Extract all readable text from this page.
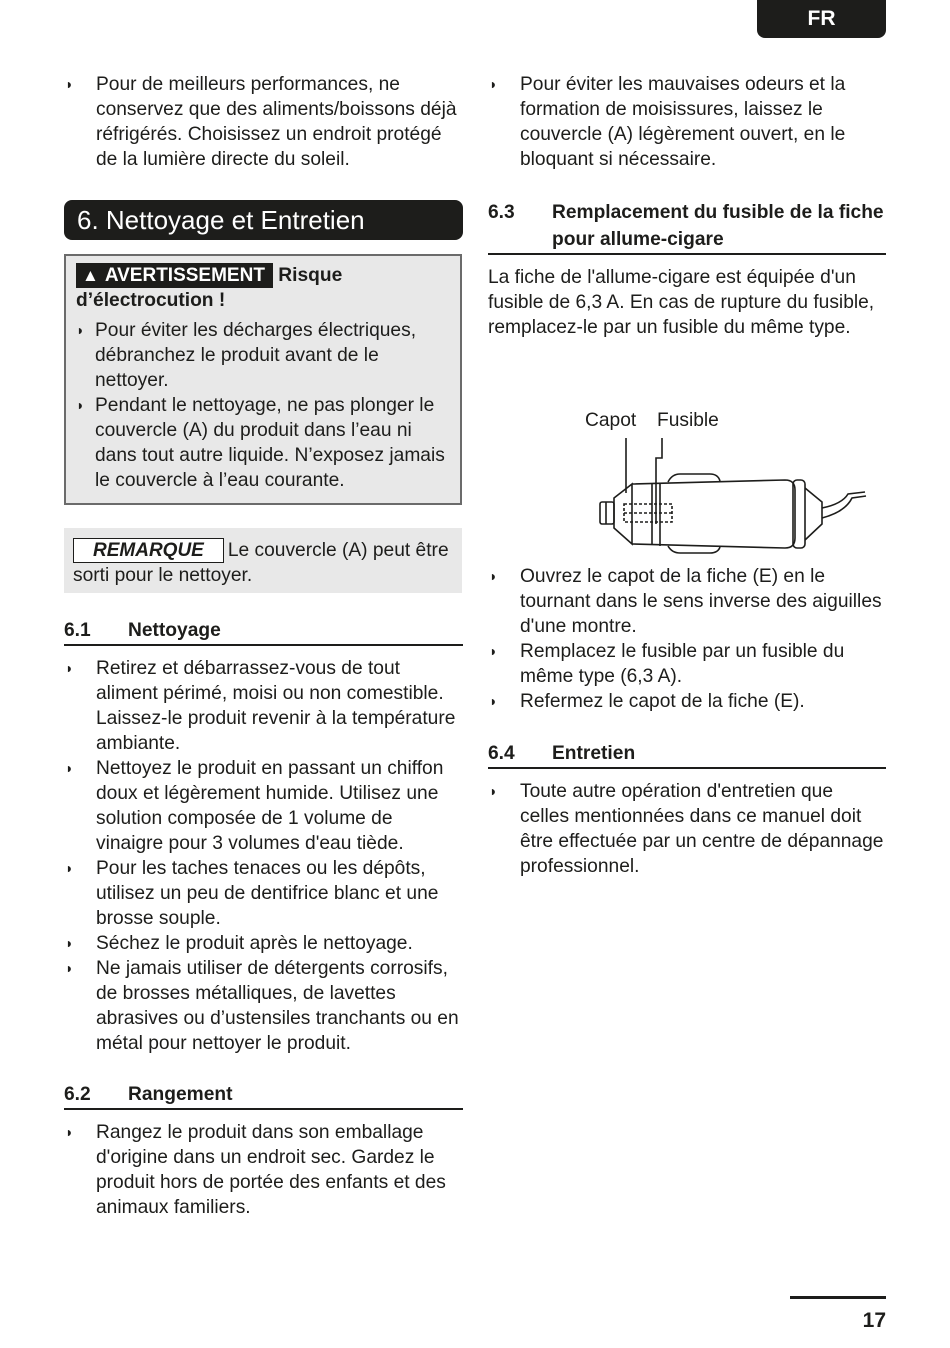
FR
◗ Pour de meilleurs performances, ne conservez que des aliments/boissons déjà réfrigérés. Choisissez un endroit protégé de la lumière directe du soleil.
◗ Pour éviter les mauvaises odeurs et la formation de moisissures, laissez le couvercle (A) légèrement ouvert, en le bloquant si nécessaire.
6. Nettoyage et Entretien
▲ AVERTISSEMENT Risque
d’électrocution !
◗ Pour éviter les décharges électriques, débranchez le produit avant de le nettoyer.
◗ Pendant le nettoyage, ne pas plonger le couvercle (A) du produit dans l’eau ni dans tout autre liquide. N’exposez jamais le couvercle à l’eau courante.

REMARQUE Le couvercle (A) peut être sorti pour le nettoyer.

6.1	Nettoyage
◗ Retirez et débarrassez-vous de tout aliment périmé, moisi ou non comestible. Laissez-le produit revenir à la température ambiante.
◗ Nettoyez le produit en passant un chiffon doux et légèrement humide. Utilisez une solution composée de 1 volume de vinaigre pour 3 volumes d'eau tiède.
◗ Pour les taches tenaces ou les dépôts, utilisez un peu de dentifrice blanc et une brosse souple.
◗ Séchez le produit après le nettoyage.
◗ Ne jamais utiliser de détergents corrosifs, de brosses métalliques, de lavettes abrasives ou d’ustensiles tranchants ou en métal pour nettoyer le produit.
6.2	Rangement
◗ Rangez le produit dans son emballage d'origine dans un endroit sec. Gardez le produit hors de portée des enfants et des animaux familiers.
6.3	Remplacement du fusible de la fiche pour allume-cigare

La fiche de l'allume-cigare est équipée d'un fusible de 6,3 A. En cas de rupture du fusible, remplacez-le par un fusible du même type.

Capot Fusible
◗ Ouvrez le capot de la fiche (E) en le tournant dans le sens inverse des aiguilles d'une montre.
◗ Remplacez le fusible par un fusible du même type (6,3 A).
◗ Refermez le capot de la fiche (E).
6.4	Entretien
◗ Toute autre opération d'entretien que celles mentionnées dans ce manuel doit être effectuée par un centre de dépannage professionnel.
17
